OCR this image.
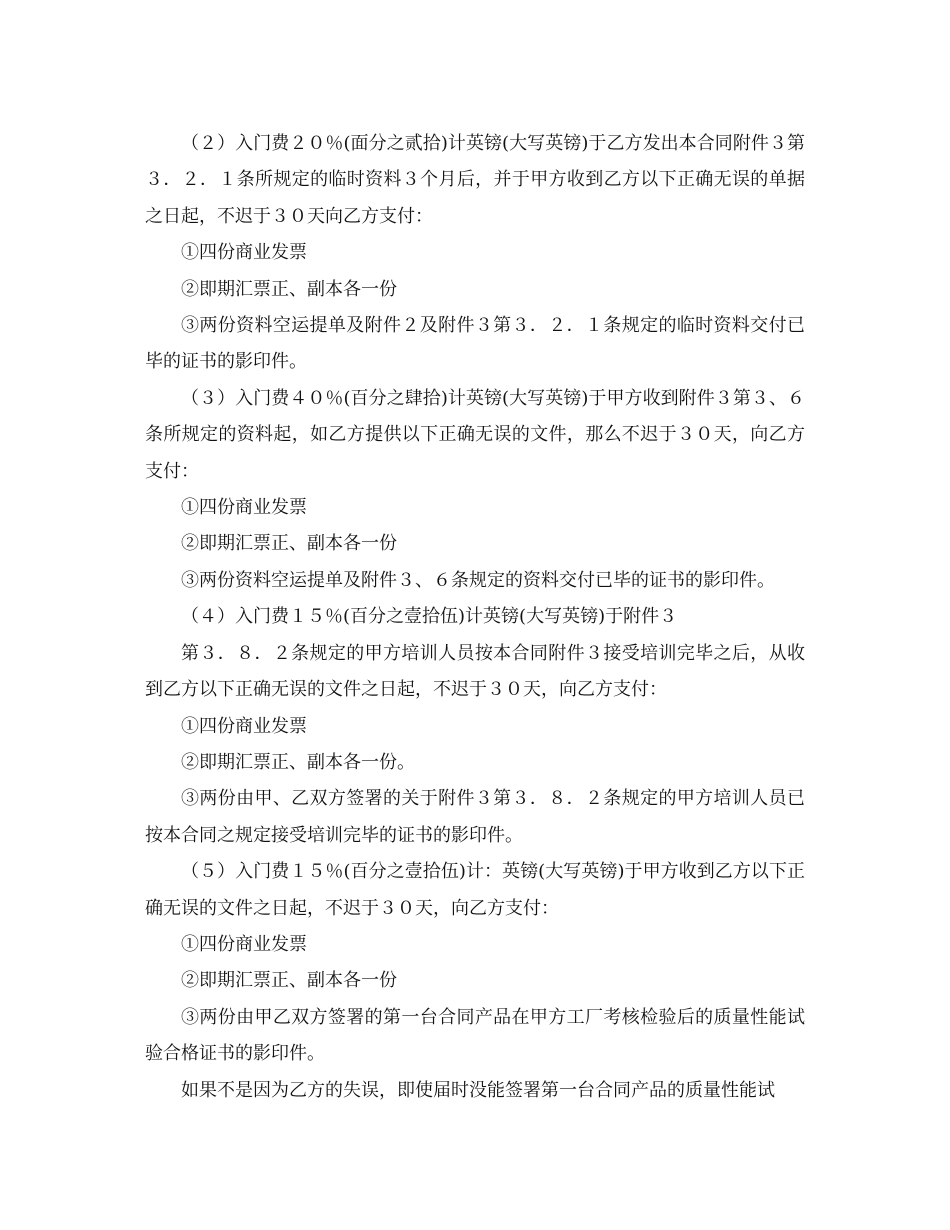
（２）入门费２０％(面分之贰拾)计英镑(大写英镑)于乙方发出本合同附件３第３．２．１条所规定的临时资料３个月后，并于甲方收到乙方以下正确无误的单据之日起，不迟于３０天向乙方支付：

①四份商业发票

②即期汇票正、副本各一份

③两份资料空运提单及附件２及附件３第３．２．１条规定的临时资料交付已毕的证书的影印件。

（３）入门费４０％(百分之肆拾)计英镑(大写英镑)于甲方收到附件３第３、６条所规定的资料起，如乙方提供以下正确无误的文件，那么不迟于３０天，向乙方支付：

①四份商业发票

②即期汇票正、副本各一份

③两份资料空运提单及附件３、６条规定的资料交付已毕的证书的影印件。

（４）入门费１５％(百分之壹拾伍)计英镑(大写英镑)于附件３

第３．８．２条规定的甲方培训人员按本合同附件３接受培训完毕之后，从收到乙方以下正确无误的文件之日起，不迟于３０天，向乙方支付：

①四份商业发票

②即期汇票正、副本各一份。

③两份由甲、乙双方签署的关于附件３第３．８．２条规定的甲方培训人员已按本合同之规定接受培训完毕的证书的影印件。

（５）入门费１５％(百分之壹拾伍)计：英镑(大写英镑)于甲方收到乙方以下正确无误的文件之日起，不迟于３０天，向乙方支付：

①四份商业发票

②即期汇票正、副本各一份

③两份由甲乙双方签署的第一台合同产品在甲方工厂考核检验后的质量性能试验合格证书的影印件。

如果不是因为乙方的失误，即使届时没能签署第一台合同产品的质量性能试
